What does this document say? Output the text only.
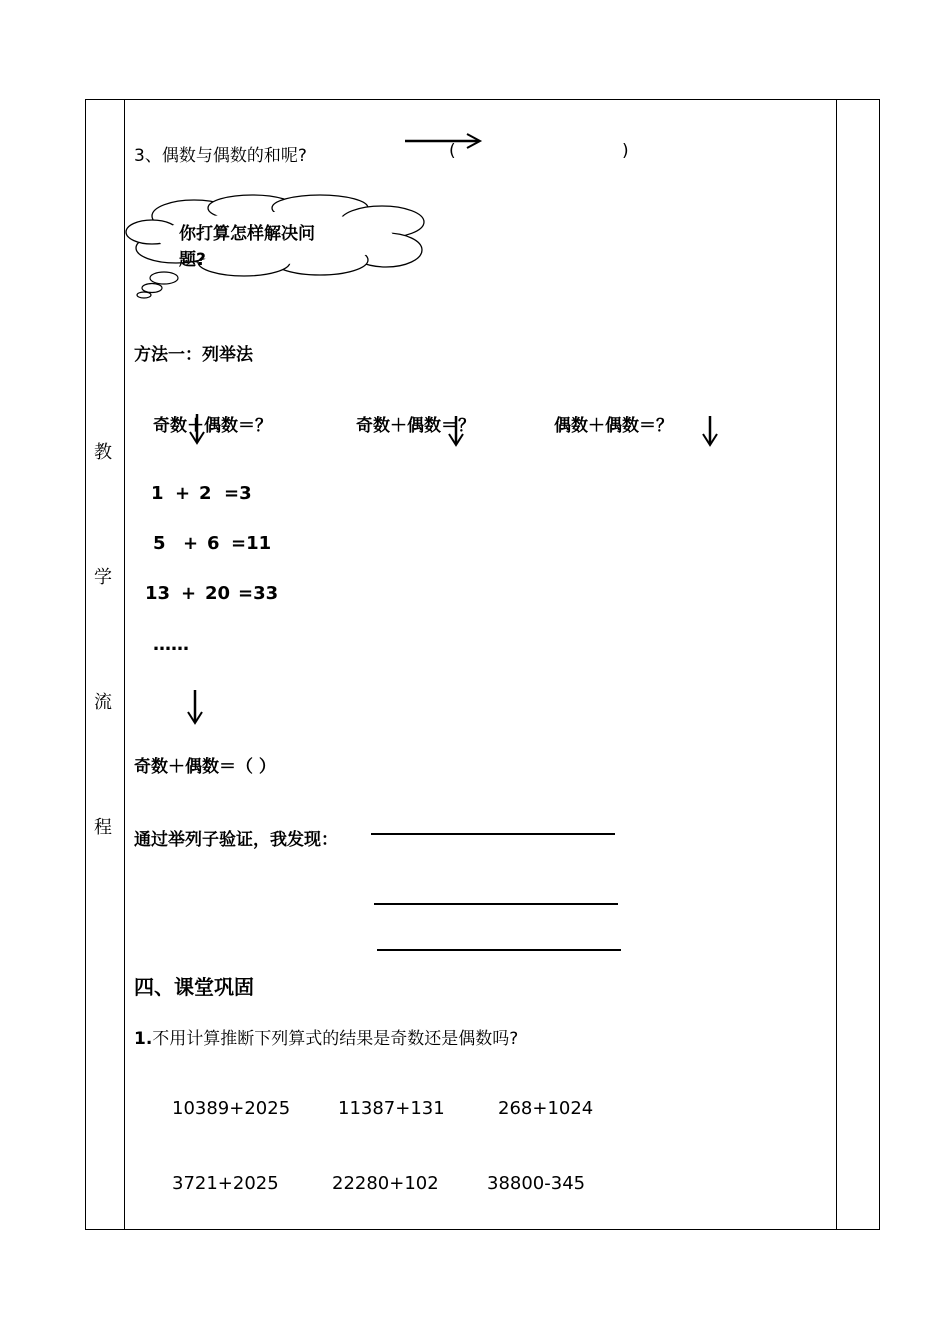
教
学
流
程
3、偶数与偶数的和呢?	(	)
你打算怎样解决问
题?
方法一：列举法
奇数＋偶数＝？	奇数＋偶数＝？	偶数＋偶数＝？
1 + 2 =3
5 + 6 =11
13 + 20 =33
……
奇数＋偶数＝（ ）
通过举列子验证，我发现：
四、课堂巩固
1.不用计算推断下列算式的结果是奇数还是偶数吗?
10389+2025	11387+131	268+1024
3721+2025	22280+102	38800-345
